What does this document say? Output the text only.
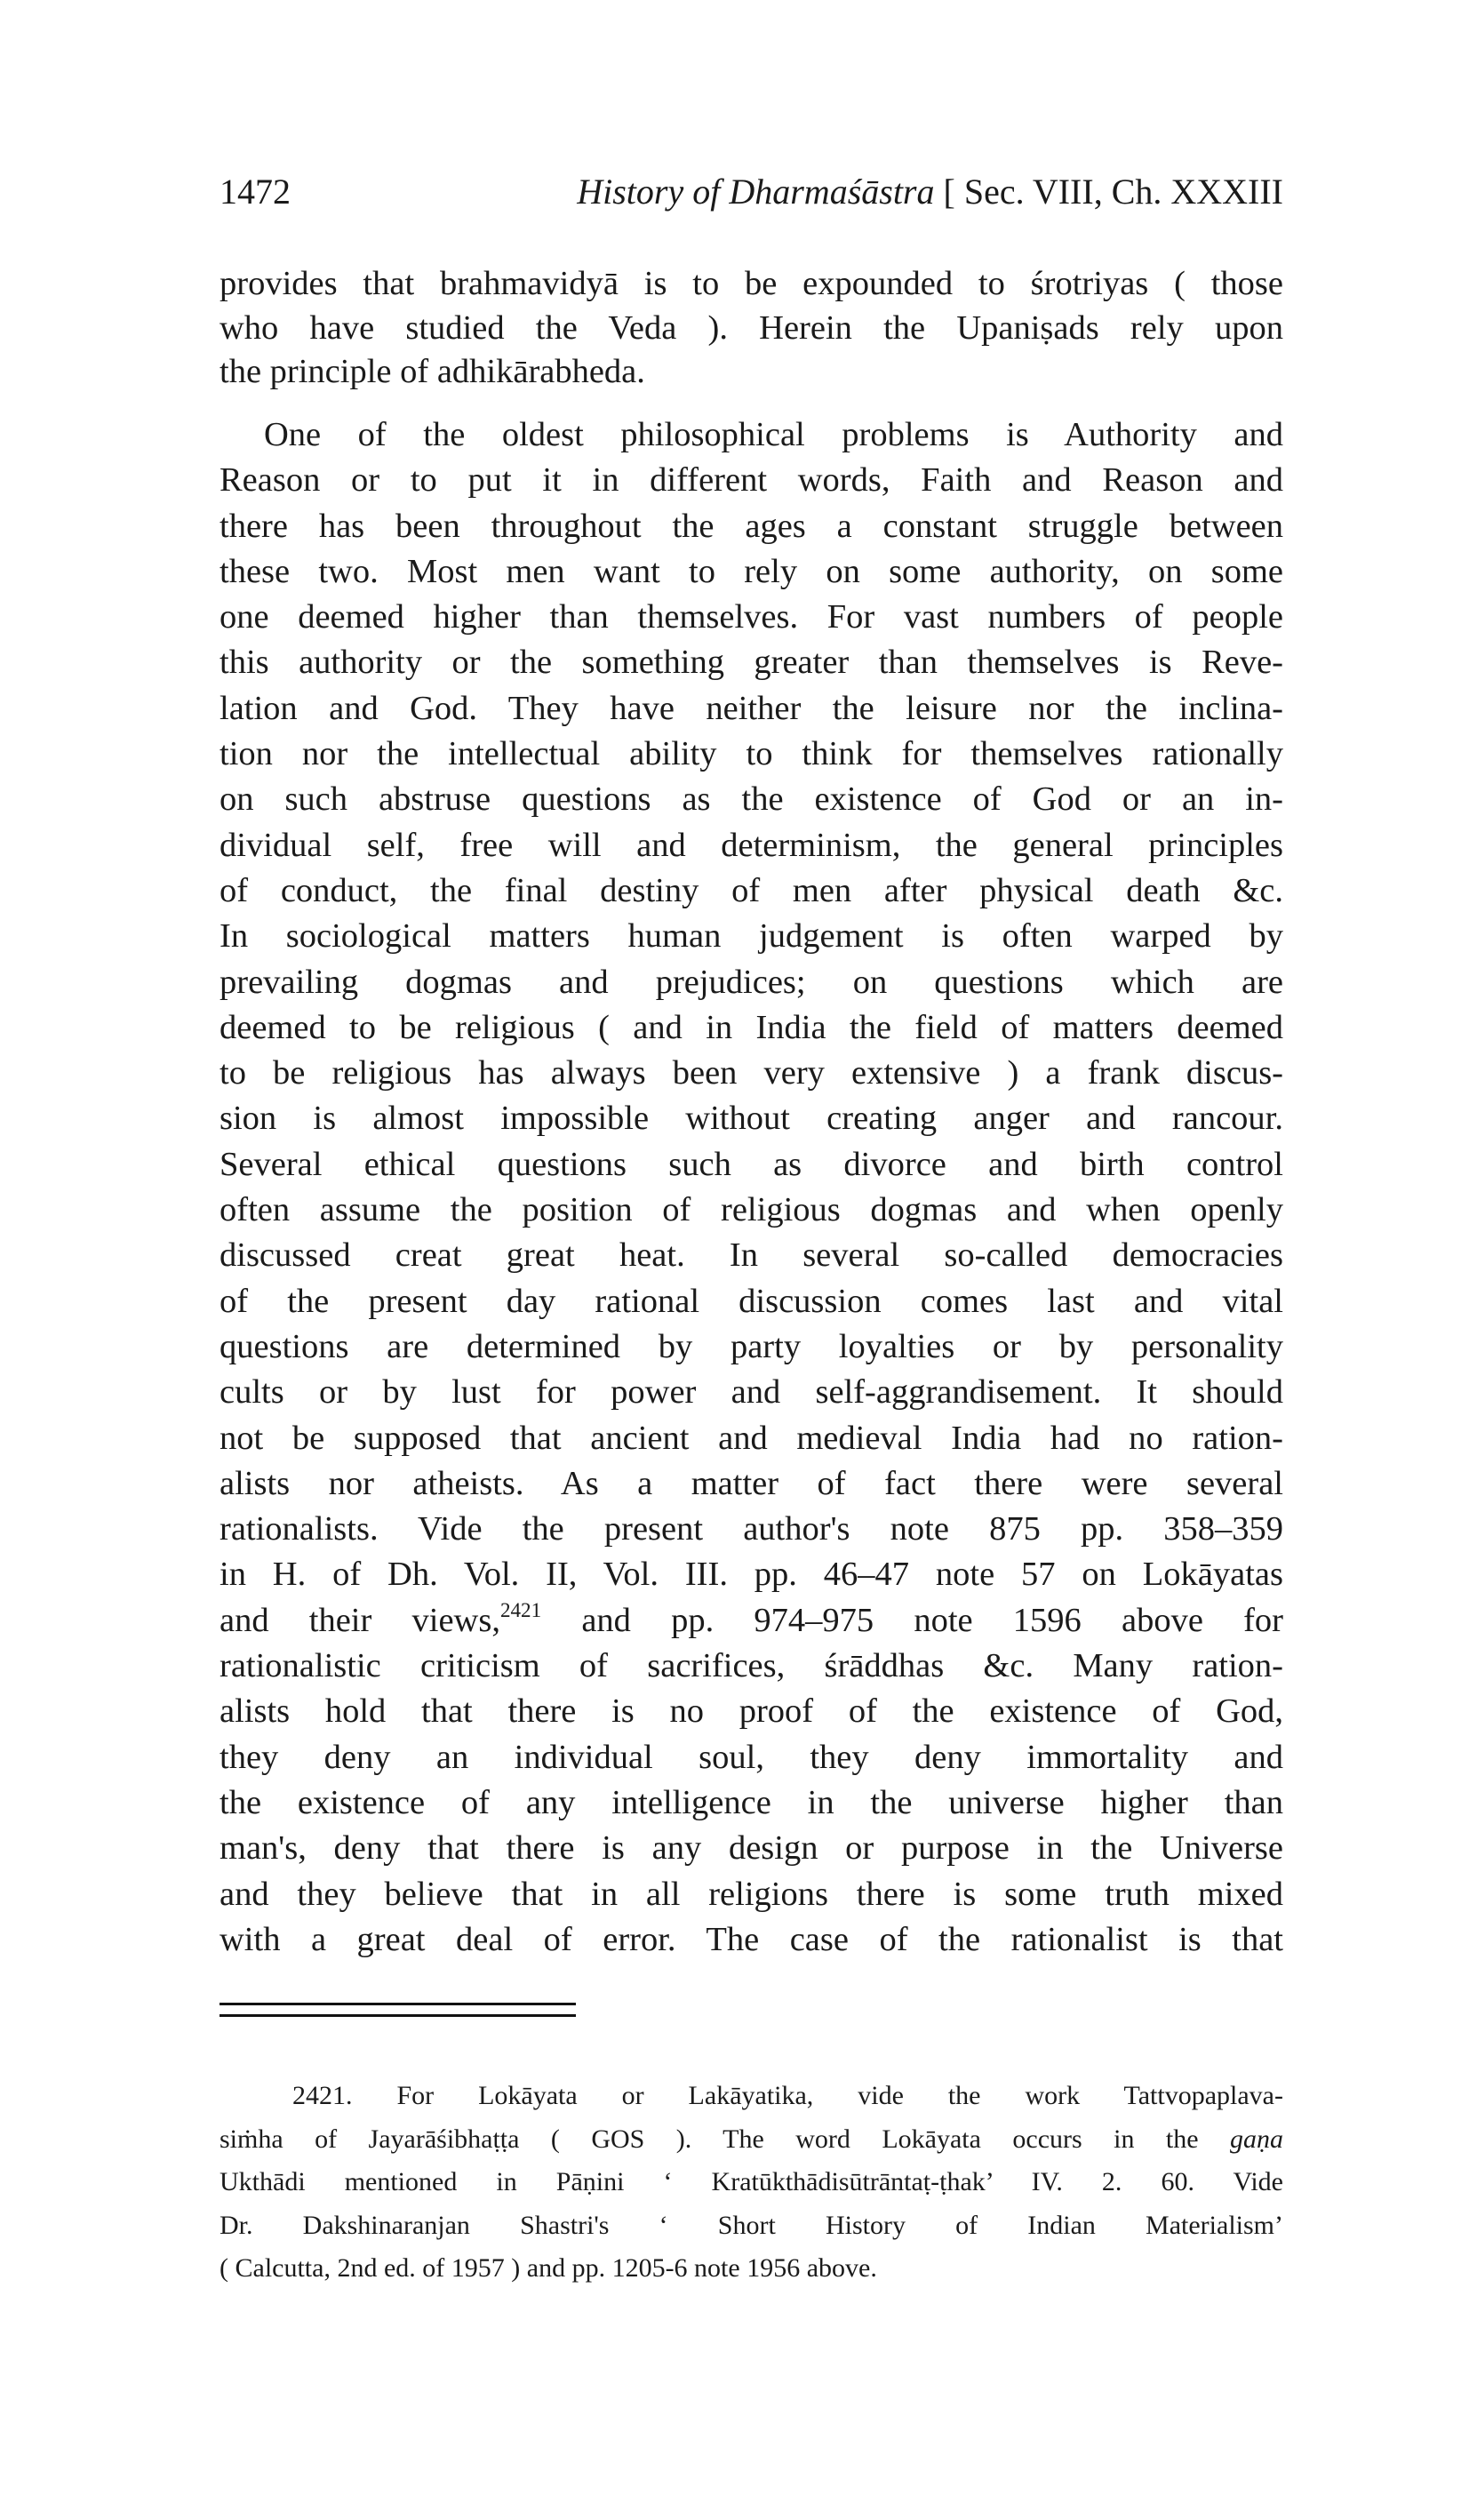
1472	History of Dharmaśāstra [ Sec. VIII, Ch. XXXIII
provides that brahmavidyā is to be expounded to śrotriyas ( those
who have studied the Veda ). Herein the Upaniṣads rely upon
the principle of adhikārabheda.
One of the oldest philosophical problems is Authority and
Reason or to put it in different words, Faith and Reason and
there has been throughout the ages a constant struggle between
these two. Most men want to rely on some authority, on some
one deemed higher than themselves. For vast numbers of people
this authority or the something greater than themselves is Reve-
lation and God. They have neither the leisure nor the inclina-
tion nor the intellectual ability to think for themselves rationally
on such abstruse questions as the existence of God or an in-
dividual self, free will and determinism, the general principles
of conduct, the final destiny of men after physical death &c.
In sociological matters human judgement is often warped by
prevailing dogmas and prejudices; on questions which are
deemed to be religious ( and in India the field of matters deemed
to be religious has always been very extensive ) a frank discus-
sion is almost impossible without creating anger and rancour.
Several ethical questions such as divorce and birth control
often assume the position of religious dogmas and when openly
discussed creat great heat. In several so-called democracies
of the present day rational discussion comes last and vital
questions are determined by party loyalties or by personality
cults or by lust for power and self-aggrandisement. It should
not be supposed that ancient and medieval India had no ration-
alists nor atheists. As a matter of fact there were several
rationalists. Vide the present author's note 875 pp. 358–359
in H. of Dh. Vol. II, Vol. III. pp. 46–47 note 57 on Lokāyatas
and their views,$^{2421}$ and pp. 974–975 note 1596 above for
rationalistic criticism of sacrifices, śrāddhas &c. Many ration-
alists hold that there is no proof of the existence of God,
they deny an individual soul, they deny immortality and
the existence of any intelligence in the universe higher than
man's, deny that there is any design or purpose in the Universe
and they believe that in all religions there is some truth mixed
with a great deal of error. The case of the rationalist is that
2421. For Lokāyata or Lakāyatika, vide the work Tattvopaplava-
siṁha of Jayarāśibhaṭṭa ( GOS ). The word Lokāyata occurs in the gaṇa
Ukthādi mentioned in Pāṇini ‘ Kratūkthādisūtrāntaṭ-ṭhak’ IV. 2. 60. Vide
Dr. Dakshinaranjan Shastri's ‘ Short History of Indian Materialism’
( Calcutta, 2nd ed. of 1957 ) and pp. 1205-6 note 1956 above.
